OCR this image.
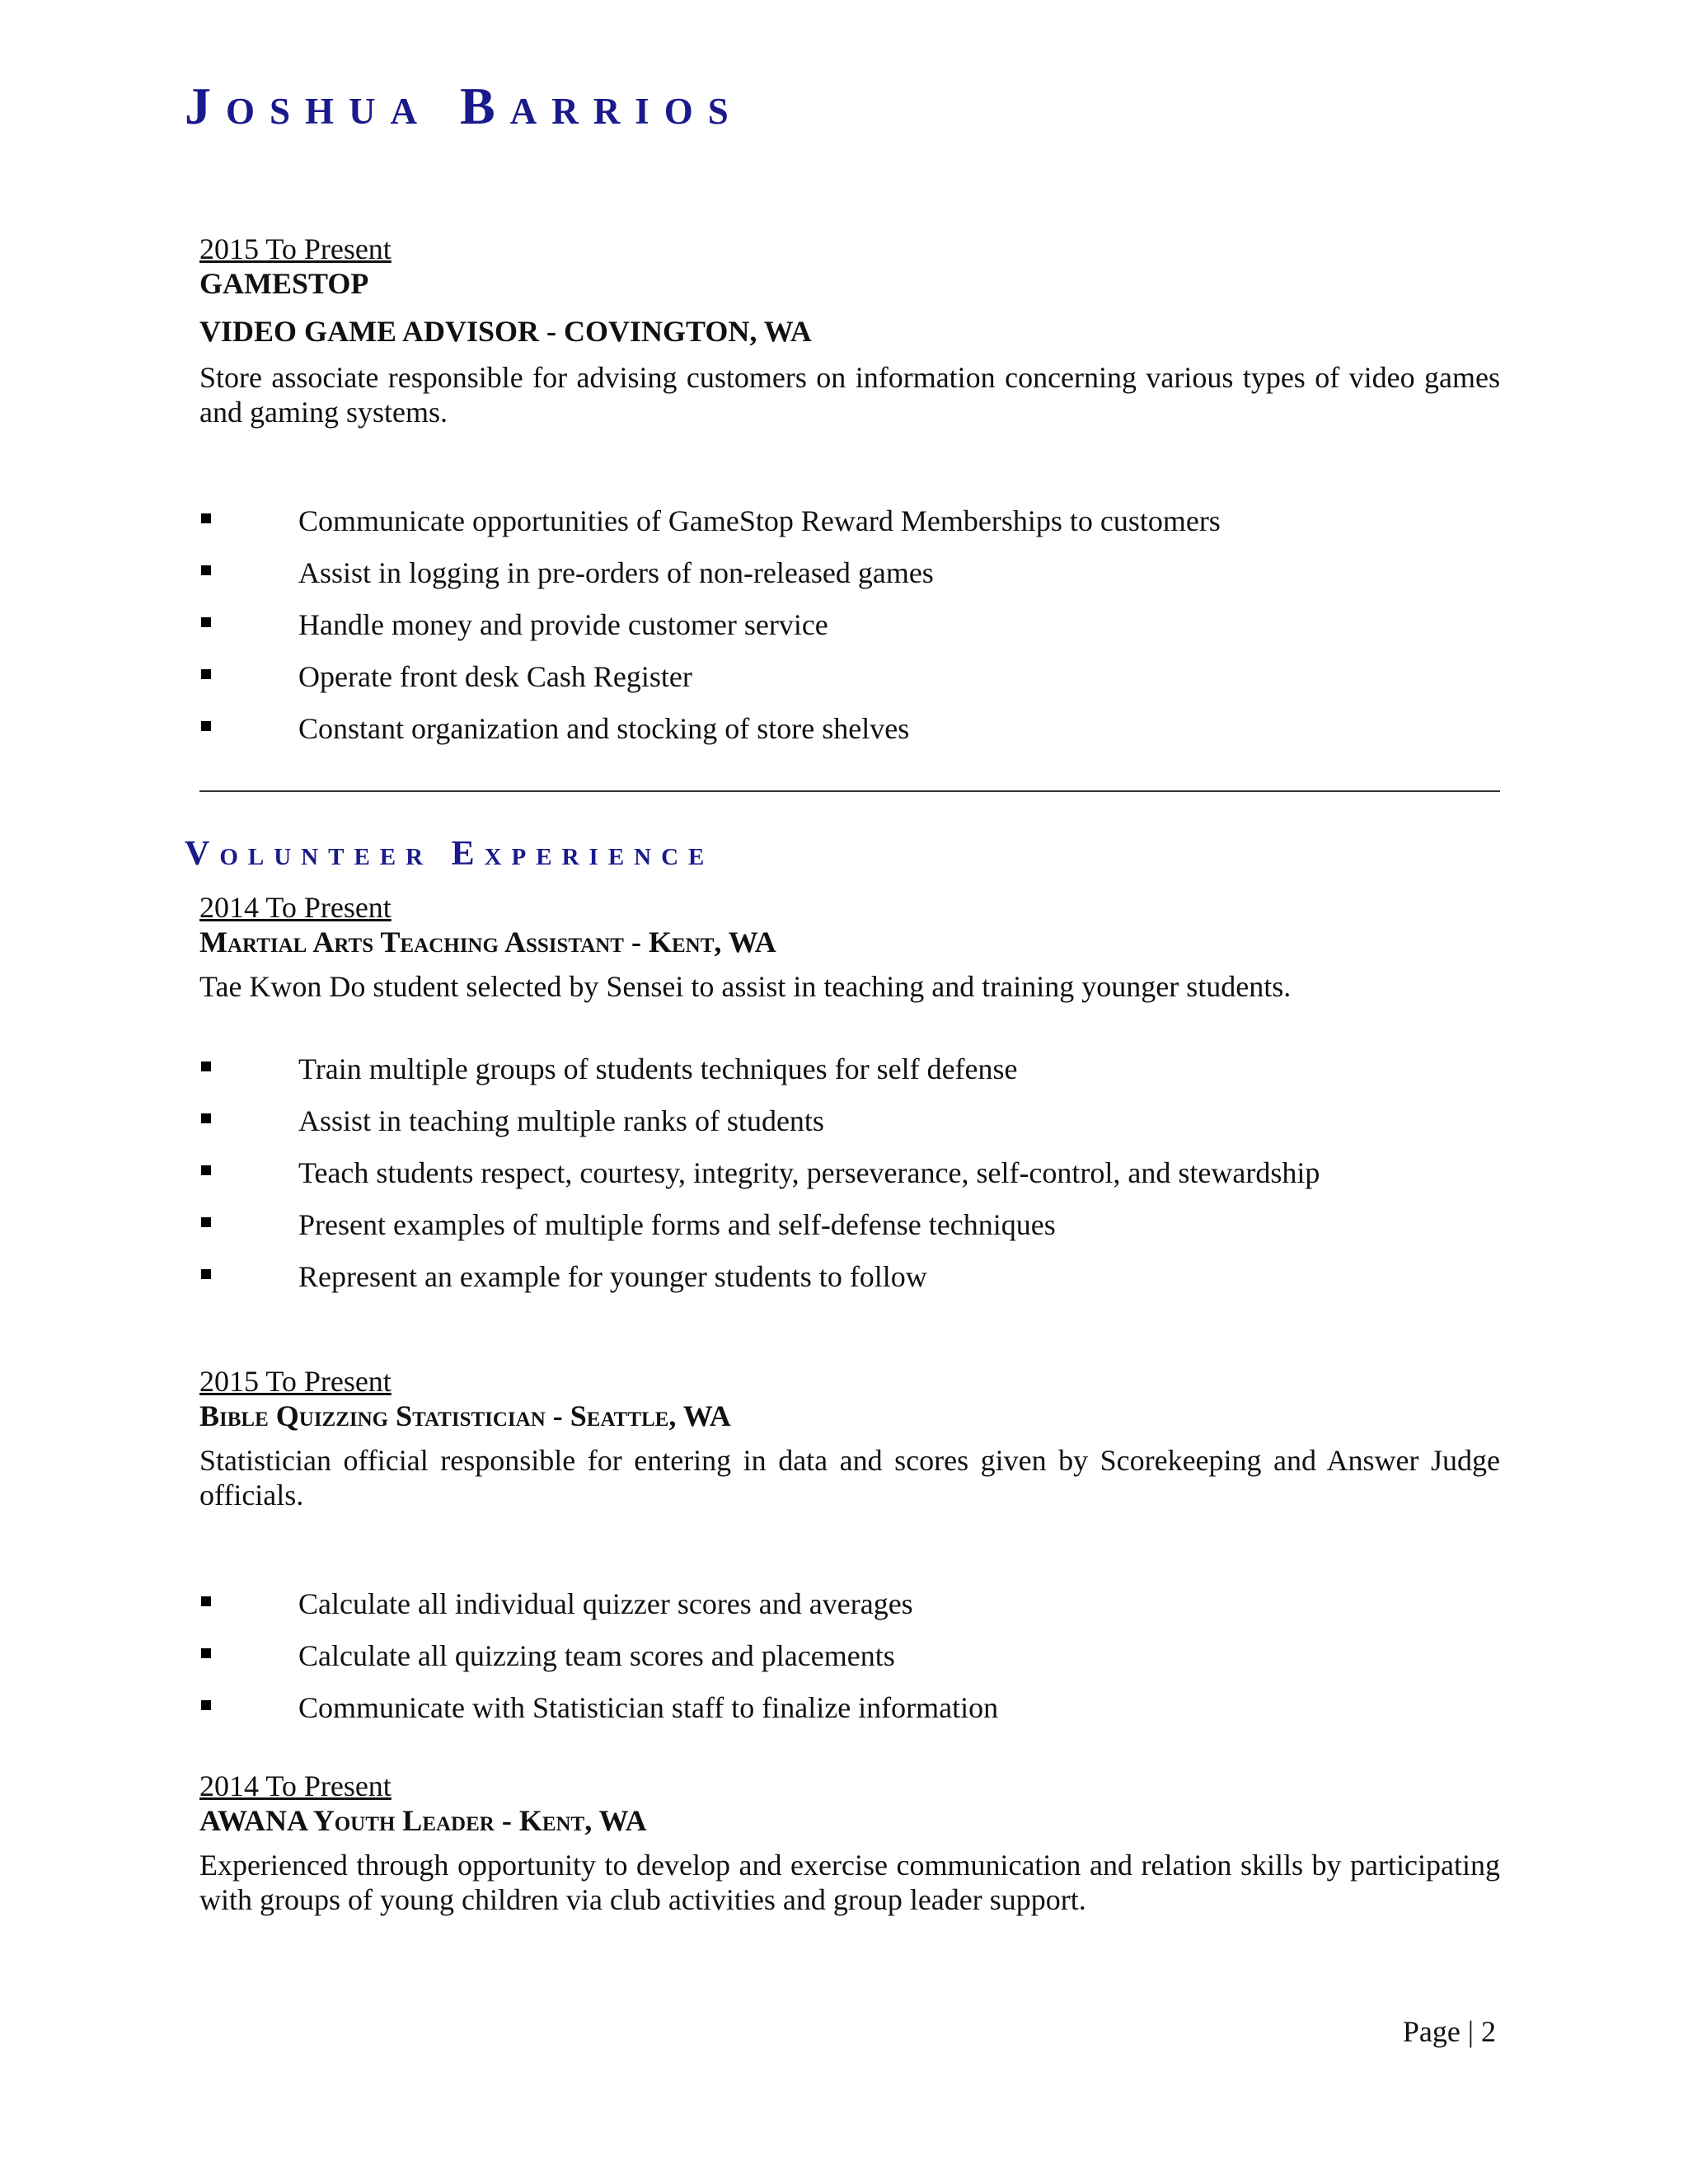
Joshua Barrios
2015 To Present
GAMESTOP
VIDEO GAME ADVISOR - COVINGTON, WA
Store associate responsible for advising customers on information concerning various types of video games and gaming systems.
Communicate opportunities of GameStop Reward Memberships to customers
Assist in logging in pre-orders of non-released games
Handle money and provide customer service
Operate front desk Cash Register
Constant organization and stocking of store shelves
Volunteer Experience
2014 To Present
Martial Arts Teaching Assistant - Kent, WA
Tae Kwon Do student selected by Sensei to assist in teaching and training younger students.
Train multiple groups of students techniques for self defense
Assist in teaching multiple ranks of students
Teach students respect, courtesy, integrity, perseverance, self-control, and stewardship
Present examples of multiple forms and self-defense techniques
Represent an example for younger students to follow
2015 To Present
Bible Quizzing Statistician - Seattle, WA
Statistician official responsible for entering in data and scores given by Scorekeeping and Answer Judge officials.
Calculate all individual quizzer scores and averages
Calculate all quizzing team scores and placements
Communicate with Statistician staff to finalize information
2014 To Present
AWANA Youth Leader - Kent, WA
Experienced through opportunity to develop and exercise communication and relation skills by participating with groups of young children via club activities and group leader support.
Page | 2
